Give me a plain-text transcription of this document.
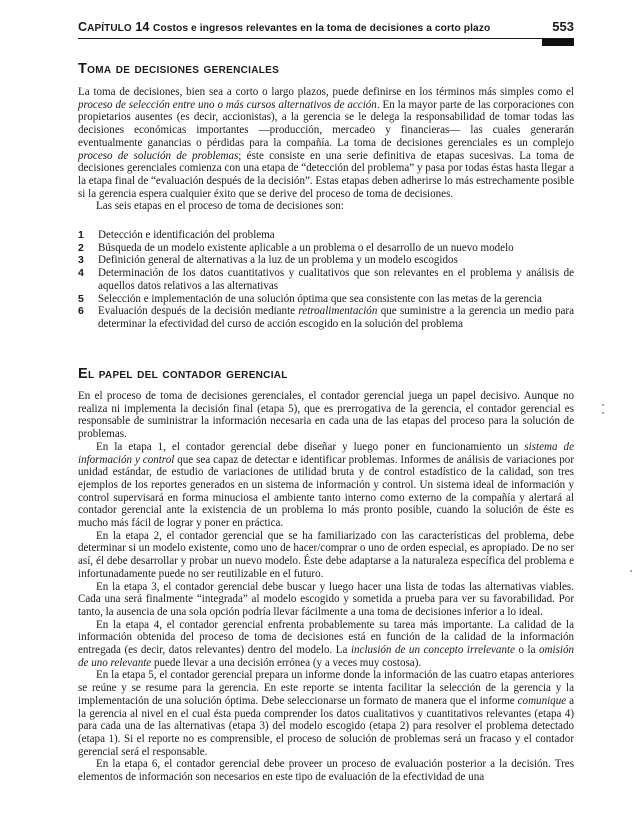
CAPÍTULO 14 Costos e ingresos relevantes en la toma de decisiones a corto plazo	553
Toma de decisiones gerenciales

La toma de decisiones, bien sea a corto o largo plazos, puede definirse en los términos más simples como el proceso de selección entre uno o más cursos alternativos de acción. En la mayor parte de las corporaciones con propietarios ausentes (es decir, accionistas), a la gerencia se le delega la responsabilidad de tomar todas las decisiones económicas importantes —producción, mercadeo y financieras— las cuales generarán eventualmente ganancias o pérdidas para la compañía. La toma de decisiones gerenciales es un complejo proceso de solución de problemas; éste consiste en una serie definitiva de etapas sucesivas. La toma de decisiones gerenciales comienza con una etapa de “detección del problema” y pasa por todas éstas hasta llegar a la etapa final de “evaluación después de la decisión”. Estas etapas deben adherirse lo más estrechamente posible si la gerencia espera cualquier éxito que se derive del proceso de toma de decisiones.

Las seis etapas en el proceso de toma de decisiones son:

1	Detección e identificación del problema
2	Búsqueda de un modelo existente aplicable a un problema o el desarrollo de un nuevo modelo
3	Definición general de alternativas a la luz de un problema y un modelo escogidos
4	Determinación de los datos cuantitativos y cualitativos que son relevantes en el problema y análisis de aquellos datos relativos a las alternativas
5	Selección e implementación de una solución óptima que sea consistente con las metas de la gerencia
6	Evaluación después de la decisión mediante retroalimentación que suministre a la gerencia un medio para determinar la efectividad del curso de acción escogido en la solución del problema
El papel del contador gerencial

En el proceso de toma de decisiones gerenciales, el contador gerencial juega un papel decisivo. Aunque no realiza ni implementa la decisión final (etapa 5), que es prerrogativa de la gerencia, el contador gerencial es responsable de suministrar la información necesaria en cada una de las etapas del proceso para la solución de problemas.

En la etapa 1, el contador gerencial debe diseñar y luego poner en funcionamiento un sistema de información y control que sea capaz de detectar e identificar problemas. Informes de análisis de variaciones por unidad estándar, de estudio de variaciones de utilidad bruta y de control estadístico de la calidad, son tres ejemplos de los reportes generados en un sistema de información y control. Un sistema ideal de información y control supervisará en forma minuciosa el ambiente tanto interno como externo de la compañía y alertará al contador gerencial ante la existencia de un problema lo más pronto posible, cuando la solución de éste es mucho más fácil de lograr y poner en práctica.

En la etapa 2, el contador gerencial que se ha familiarizado con las características del problema, debe determinar si un modelo existente, como uno de hacer/comprar o uno de orden especial, es apropiado. De no ser así, él debe desarrollar y probar un nuevo modelo. Éste debe adaptarse a la naturaleza específica del problema e infortunadamente puede no ser reutilizable en el futuro.

En la etapa 3, el contador gerencial debe buscar y luego hacer una lista de todas las alternativas viables. Cada una será finalmente “integrada” al modelo escogido y sometida a prueba para ver su favorabilidad. Por tanto, la ausencia de una sola opción podría llevar fácilmente a una toma de decisiones inferior a lo ideal.

En la etapa 4, el contador gerencial enfrenta probablemente su tarea más importante. La calidad de la información obtenida del proceso de toma de decisiones está en función de la calidad de la información entregada (es decir, datos relevantes) dentro del modelo. La inclusión de un concepto irrelevante o la omisión de uno relevante puede llevar a una decisión errónea (y a veces muy costosa).

En la etapa 5, el contador gerencial prepara un informe donde la información de las cuatro etapas anteriores se reúne y se resume para la gerencia. En este reporte se intenta facilitar la selección de la gerencia y la implementación de una solución óptima. Debe seleccionarse un formato de manera que el informe comunique a la gerencia al nivel en el cual ésta pueda comprender los datos cualitativos y cuantitativos relevantes (etapa 4) para cada una de las alternativas (etapa 3) del modelo escogido (etapa 2) para resolver el problema detectado (etapa 1). Si el reporte no es comprensible, el proceso de solución de problemas será un fracaso y el contador gerencial será el responsable.

En la etapa 6, el contador gerencial debe proveer un proceso de evaluación posterior a la decisión. Tres elementos de información son necesarios en este tipo de evaluación de la efectividad de una
